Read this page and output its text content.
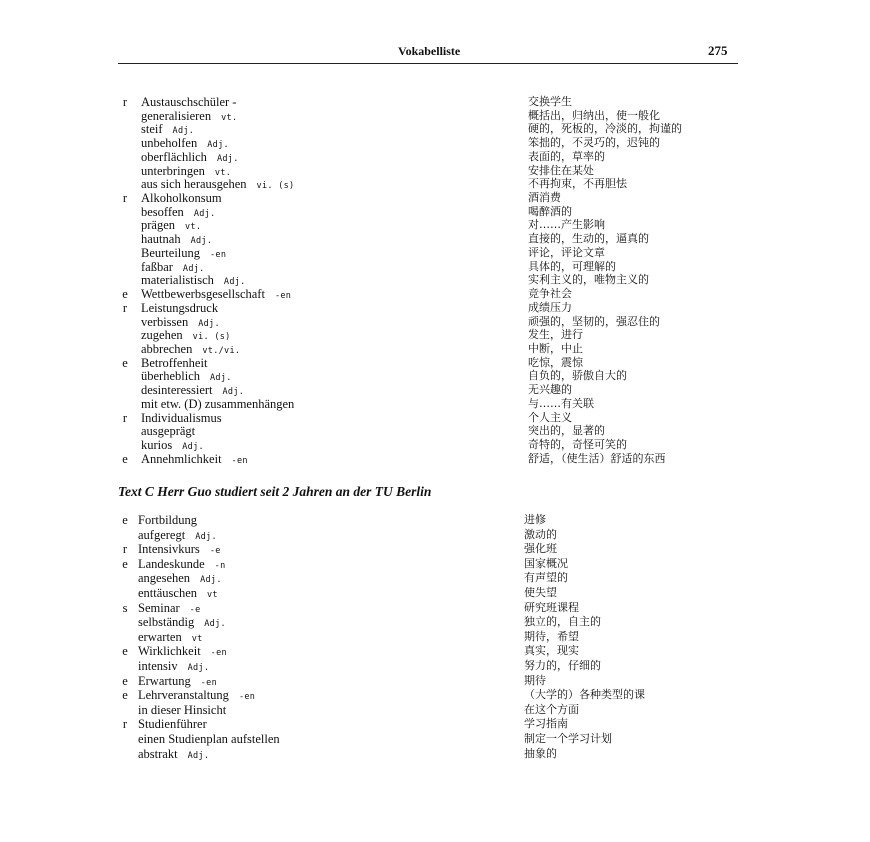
Vokabelliste	275
r	Austauschschüler -	交换学生
generalisieren vt.	概括出，归纳出，使一般化
steif Adj.	硬的，死板的，冷淡的，拘谨的
unbeholfen Adj.	笨拙的，不灵巧的，迟钝的
oberflächlich Adj.	表面的，草率的
unterbringen vt.	安排住在某处
aus sich herausgehen vi. (s)	不再拘束，不再胆怯
r	Alkoholkonsum	酒消费
besoffen Adj.	喝醉酒的
prägen vt.	对……产生影响
hautnah Adj.	直接的，生动的，逼真的
Beurteilung -en	评论，评论文章
faßbar Adj.	具体的，可理解的
materialistisch Adj.	实利主义的，唯物主义的
e	Wettbewerbsgesellschaft -en	竞争社会
r	Leistungsdruck	成绩压力
verbissen Adj.	顽强的，坚韧的，强忍住的
zugehen vi. (s)	发生，进行
abbrechen vt./vi.	中断，中止
e	Betroffenheit	吃惊，震惊
überheblich Adj.	自负的，骄傲自大的
desinteressiert Adj.	无兴趣的
mit etw. (D) zusammenhängen	与……有关联
r	Individualismus	个人主义
ausgeprägt	突出的，显著的
kurios Adj.	奇特的，奇怪可笑的
e	Annehmlichkeit -en	舒适，（使生活）舒适的东西
Text C Herr Guo studiert seit 2 Jahren an der TU Berlin
e Fortbildung	进修
aufgeregt Adj.	激动的
r Intensivkurs -e	强化班
e Landeskunde -n	国家概况
angesehen Adj.	有声望的
enttäuschen vt	使失望
s Seminar -e	研究班课程
selbständig Adj.	独立的，自主的
erwarten vt	期待，希望
e Wirklichkeit -en	真实，现实
intensiv Adj.	努力的，仔细的
e Erwartung -en	期待
e Lehrveranstaltung -en	（大学的）各种类型的课
in dieser Hinsicht	在这个方面
r Studienführer	学习指南
einen Studienplan aufstellen	制定一个学习计划
abstrakt Adj.	抽象的
